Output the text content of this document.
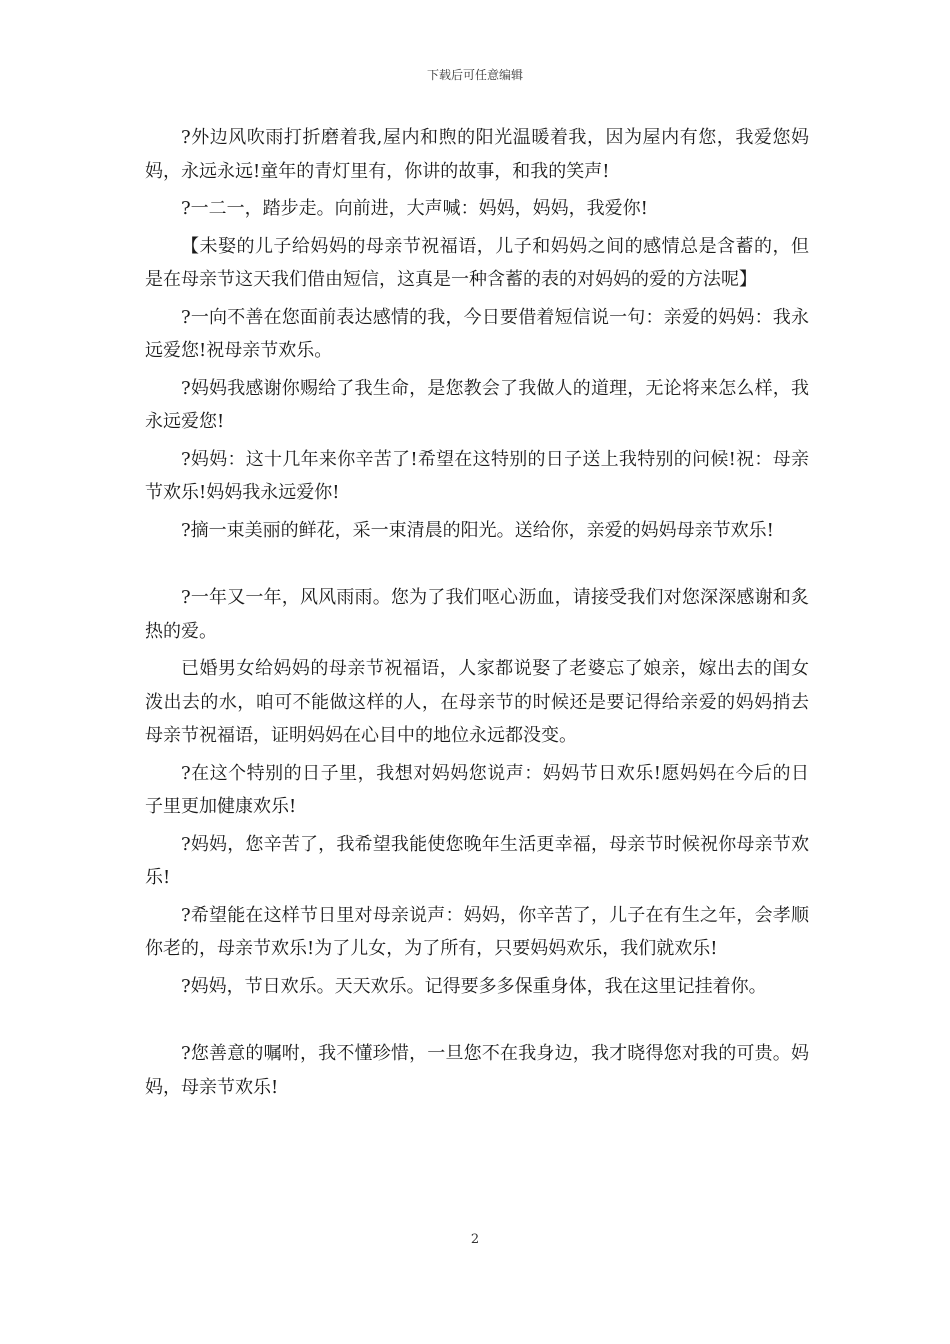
下载后可任意编辑

?外边风吹雨打折磨着我,屋内和煦的阳光温暖着我，因为屋内有您，我爱您妈妈，永远永远!童年的青灯里有，你讲的故事，和我的笑声!

?一二一，踏步走。向前进，大声喊：妈妈，妈妈，我爱你!

【未娶的儿子给妈妈的母亲节祝福语，儿子和妈妈之间的感情总是含蓄的，但是在母亲节这天我们借由短信，这真是一种含蓄的表的对妈妈的爱的方法呢】

?一向不善在您面前表达感情的我，今日要借着短信说一句：亲爱的妈妈：我永远爱您!祝母亲节欢乐。

?妈妈我感谢你赐给了我生命，是您教会了我做人的道理，无论将来怎么样，我永远爱您!

?妈妈：这十几年来你辛苦了!希望在这特别的日子送上我特别的问候!祝：母亲节欢乐!妈妈我永远爱你!

?摘一束美丽的鲜花，采一束清晨的阳光。送给你，亲爱的妈妈母亲节欢乐!

?一年又一年，风风雨雨。您为了我们呕心沥血，请接受我们对您深深感谢和炙热的爱。

已婚男女给妈妈的母亲节祝福语，人家都说娶了老婆忘了娘亲，嫁出去的闺女泼出去的水，咱可不能做这样的人，在母亲节的时候还是要记得给亲爱的妈妈捎去母亲节祝福语，证明妈妈在心目中的地位永远都没变。

?在这个特别的日子里，我想对妈妈您说声：妈妈节日欢乐!愿妈妈在今后的日子里更加健康欢乐!

?妈妈，您辛苦了，我希望我能使您晚年生活更幸福，母亲节时候祝你母亲节欢乐!

?希望能在这样节日里对母亲说声：妈妈，你辛苦了，儿子在有生之年，会孝顺你老的，母亲节欢乐!为了儿女，为了所有，只要妈妈欢乐，我们就欢乐!

?妈妈，节日欢乐。天天欢乐。记得要多多保重身体，我在这里记挂着你。

?您善意的嘱咐，我不懂珍惜，一旦您不在我身边，我才晓得您对我的可贵。妈妈，母亲节欢乐!

2
